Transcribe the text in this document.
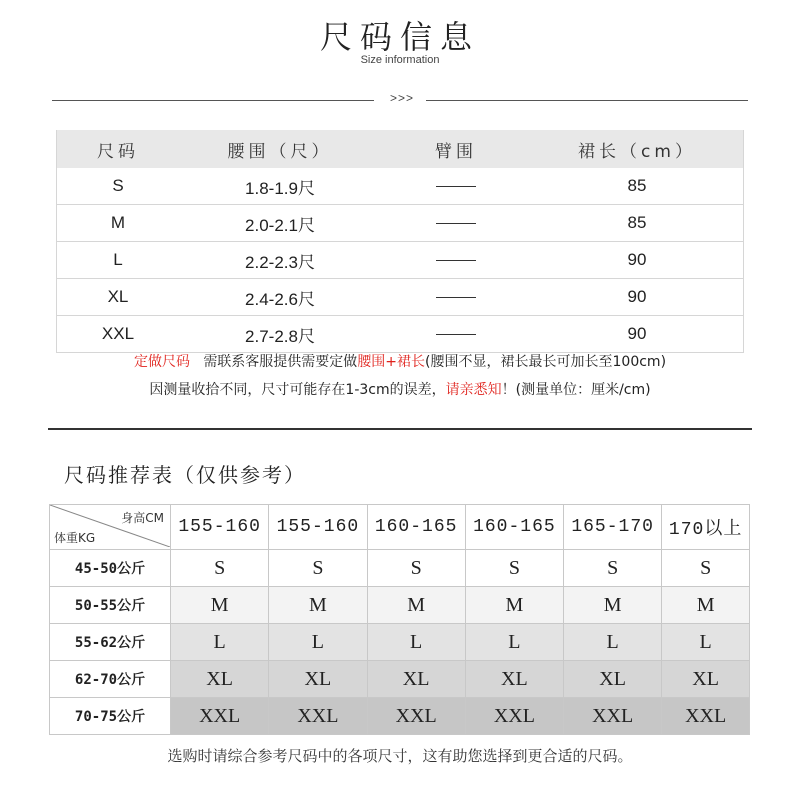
尺码信息
Size information
>>>
尺码	腰围（尺）	臂围	裙长（cm）
S	1.8-1.9尺		85
M	2.0-2.1尺		85
L	2.2-2.3尺		90
XL	2.4-2.6尺		90
XXL	2.7-2.8尺		90
定做尺码 需联系客服提供需要定做腰围+裙长(腰围不显，裙长最长可加长至100cm)
因测量收拾不同，尺寸可能存在1-3cm的误差，请亲悉知！(测量单位：厘米/cm)
尺码推荐表（仅供参考）
身高CM
体重KG	155-160	155-160	160-165	160-165	165-170	170以上
45-50公斤	S	S	S	S	S	S
50-55公斤	M	M	M	M	M	M
55-62公斤	L	L	L	L	L	L
62-70公斤	XL	XL	XL	XL	XL	XL
70-75公斤	XXL	XXL	XXL	XXL	XXL	XXL
选购时请综合参考尺码中的各项尺寸，这有助您选择到更合适的尺码。
